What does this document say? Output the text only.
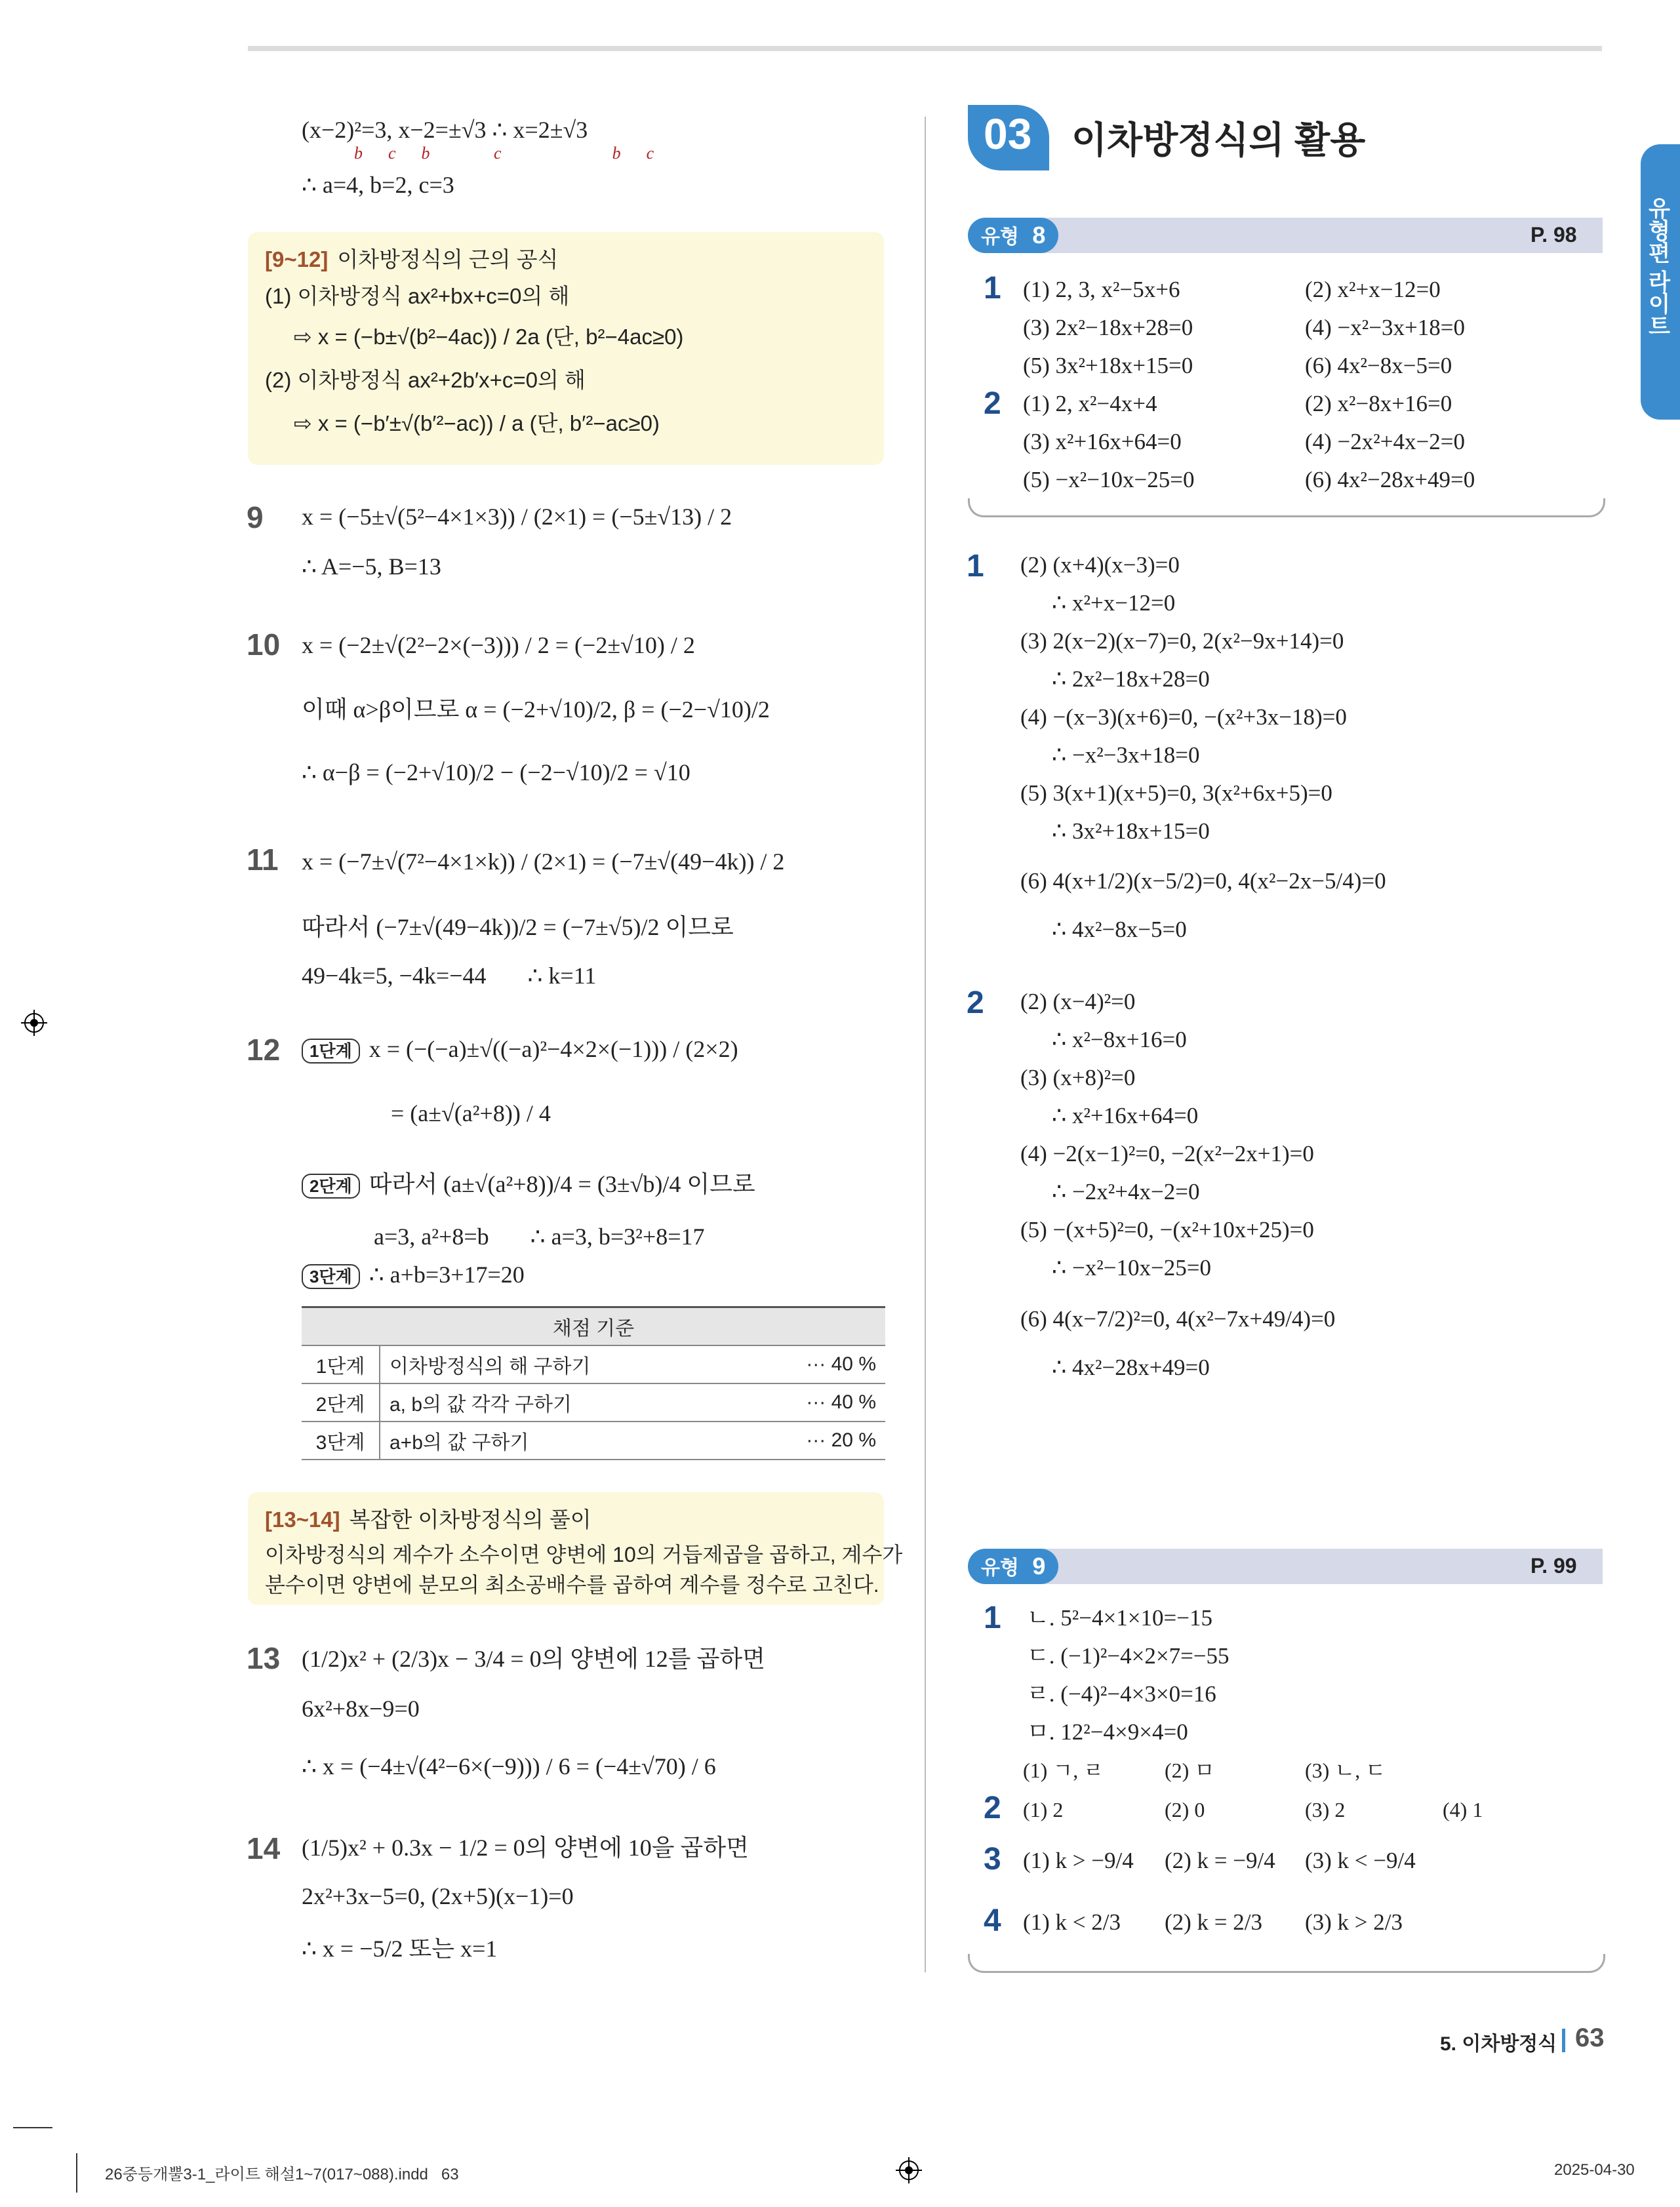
(x−2)²=3, x−2=±√3 ∴ x=2±√3
b      c      b               c                          b      c
∴ a=4, b=2, c=3
[9~12] 이차방정식의 근의 공식
(1) 이차방정식 ax²+bx+c=0의 해
⇨ x = (−b±√(b²−4ac)) / 2a (단, b²−4ac≥0)
(2) 이차방정식 ax²+2b′x+c=0의 해
⇨ x = (−b′±√(b′²−ac)) / a (단, b′²−ac≥0)
9 x = (−5±√(5²−4×1×3)) / (2×1) = (−5±√13) / 2
∴ A=−5, B=13
10 x = (−2±√(2²−2×(−3))) / 2 = (−2±√10) / 2
이때 α>β이므로 α = (−2+√10)/2, β = (−2−√10)/2
∴ α−β = (−2+√10)/2 − (−2−√10)/2 = √10
11 x = (−7±√(7²−4×1×k)) / (2×1) = (−7±√(49−4k)) / 2
따라서 (−7±√(49−4k))/2 = (−7±√5)/2 이므로
49−4k=5, −4k=−44       ∴ k=11
12	1단계 x = (−(−a)±√((−a)²−4×2×(−1))) / (2×2)
= (a±√(a²+8)) / 4
2단계 따라서 (a±√(a²+8))/4 = (3±√b)/4 이므로
a=3, a²+8=b       ∴ a=3, b=3²+8=17
3단계 ∴ a+b=3+17=20
채점 기준		
1단계	이차방정식의 해 구하기	··· 40 %
2단계	a, b의 값 각각 구하기	··· 40 %
3단계	a+b의 값 구하기	··· 20 %
[13~14] 복잡한 이차방정식의 풀이
이차방정식의 계수가 소수이면 양변에 10의 거듭제곱을 곱하고, 계수가
분수이면 양변에 분모의 최소공배수를 곱하여 계수를 정수로 고친다.
13 (1/2)x² + (2/3)x − 3/4 = 0의 양변에 12를 곱하면
6x²+8x−9=0
∴ x = (−4±√(4²−6×(−9))) / 6 = (−4±√70) / 6
14 (1/5)x² + 0.3x − 1/2 = 0의 양변에 10을 곱하면
2x²+3x−5=0, (2x+5)(x−1)=0
∴ x = −5/2 또는 x=1
03 이차방정식의 활용
유형편 라이트
유형 8	P. 98
1
2
(1) 2, 3, x²−5x+6	(2) x²+x−12=0
(3) 2x²−18x+28=0	(4) −x²−3x+18=0
(5) 3x²+18x+15=0	(6) 4x²−8x−5=0
(1) 2, x²−4x+4	(2) x²−8x+16=0
(3) x²+16x+64=0	(4) −2x²+4x−2=0
(5) −x²−10x−25=0	(6) 4x²−28x+49=0
1 (2) (x+4)(x−3)=0
∴ x²+x−12=0
(3) 2(x−2)(x−7)=0, 2(x²−9x+14)=0
∴ 2x²−18x+28=0
(4) −(x−3)(x+6)=0, −(x²+3x−18)=0
∴ −x²−3x+18=0
(5) 3(x+1)(x+5)=0, 3(x²+6x+5)=0
∴ 3x²+18x+15=0
(6) 4(x+1/2)(x−5/2)=0, 4(x²−2x−5/4)=0
∴ 4x²−8x−5=0
2 (2) (x−4)²=0
∴ x²−8x+16=0
(3) (x+8)²=0
∴ x²+16x+64=0
(4) −2(x−1)²=0, −2(x²−2x+1)=0
∴ −2x²+4x−2=0
(5) −(x+5)²=0, −(x²+10x+25)=0
∴ −x²−10x−25=0
(6) 4(x−7/2)²=0, 4(x²−7x+49/4)=0
∴ 4x²−28x+49=0
유형 9	P. 99
1 ㄴ. 5²−4×1×10=−15
ㄷ. (−1)²−4×2×7=−55
ㄹ. (−4)²−4×3×0=16
ㅁ. 12²−4×9×4=0
(1) ㄱ, ㄹ	(2) ㅁ	(3) ㄴ, ㄷ
2 (1) 2	(2) 0	(3) 2	(4) 1
3 (1) k > −9/4 (2) k = −9/4 (3) k < −9/4
4 (1) k < 2/3 (2) k = 2/3 (3) k > 2/3
5. 이차방정식 63
26중등개뿔3-1_라이트 해설1~7(017~088).indd   63	2025-04-30
